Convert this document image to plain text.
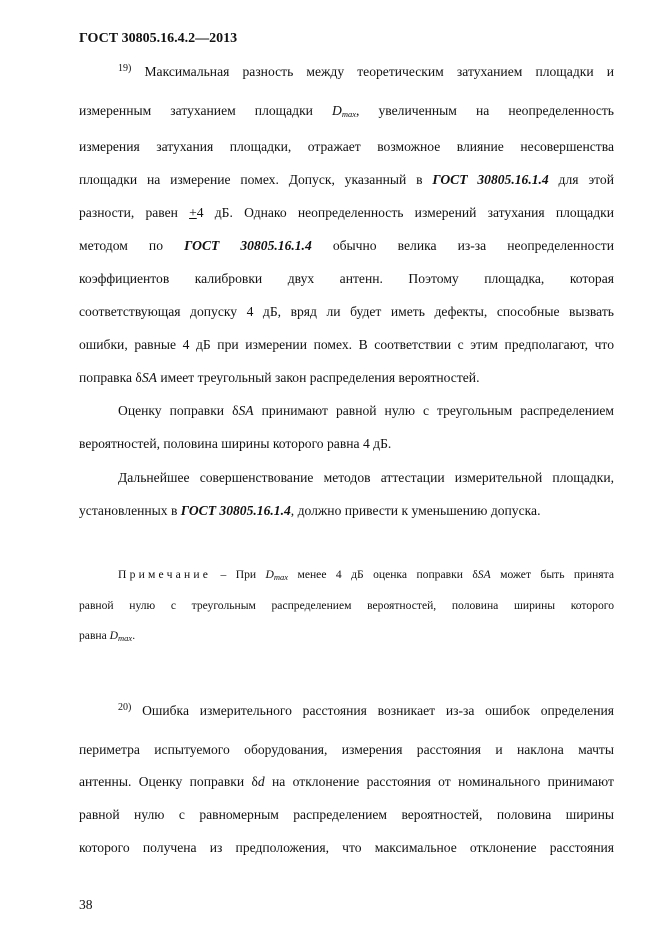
ГОСТ 30805.16.4.2—2013
$^{19)}$ Максимальная разность между теоретическим затуханием площадки и
измеренным затуханием площадки $D_{max}$, увеличенным на неопределенность
измерения затухания площадки, отражает возможное влияние несовершенства
площадки на измерение помех. Допуск, указанный в ГОСТ 30805.16.1.4 для этой
разности, равен +4 дБ. Однако неопределенность измерений затухания площадки
методом по ГОСТ 30805.16.1.4 обычно велика из-за неопределенности
коэффициентов калибровки двух антенн. Поэтому площадка, которая
соответствующая допуску 4 дБ, вряд ли будет иметь дефекты, способные вызвать
ошибки, равные 4 дБ при измерении помех. В соответствии с этим предполагают, что
поправка δSA имеет треугольный закон распределения вероятностей.
Оценку поправки δSA принимают равной нулю с треугольным распределением
вероятностей, половина ширины которого равна 4 дБ.
Дальнейшее совершенствование методов аттестации измерительной площадки,
установленных в ГОСТ 30805.16.1.4, должно привести к уменьшению допуска.
Примечание – При $D_{max}$ менее 4 дБ оценка поправки δSA может быть принята
равной нулю с треугольным распределением вероятностей, половина ширины которого
равна $D_{max}$.
$^{20)}$ Ошибка измерительного расстояния возникает из-за ошибок определения
периметра испытуемого оборудования, измерения расстояния и наклона мачты
антенны. Оценку поправки δd на отклонение расстояния от номинального принимают
равной нулю с равномерным распределением вероятностей, половина ширины
которого получена из предположения, что максимальное отклонение расстояния
38
